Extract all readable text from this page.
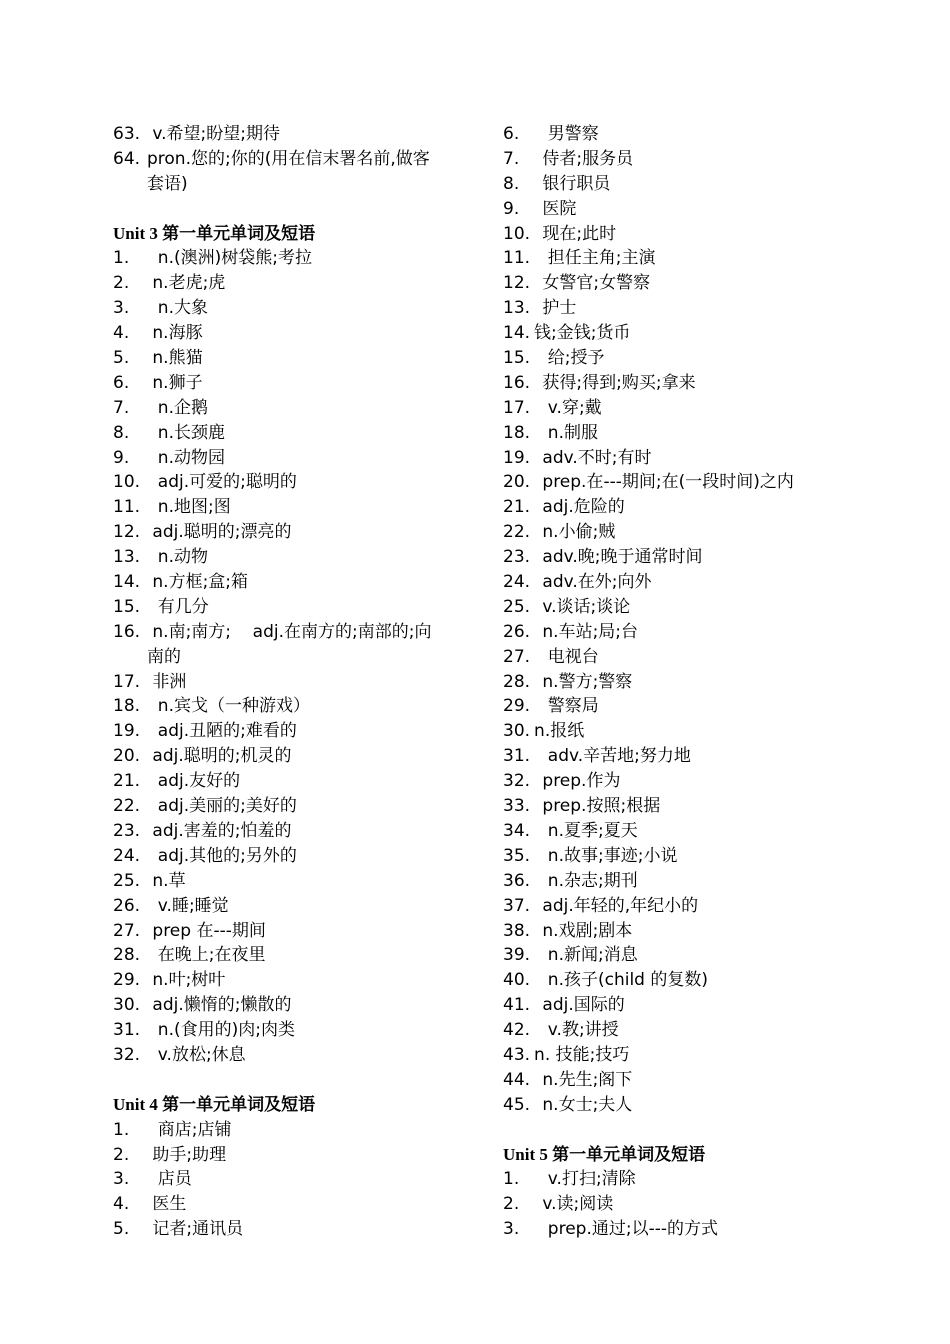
63. v.希望;盼望;期待
64. pron.您的;你的(用在信末署名前,做客
套语)
Unit 3 第一单元单词及短语
1.  n.(澳洲)树袋熊;考拉
2. n.老虎;虎
3.  n.大象
4. n.海豚
5. n.熊猫
6. n.狮子
7.  n.企鹅
8.  n.长颈鹿
9.  n.动物园
10.  adj.可爱的;聪明的
11.  n.地图;图
12. adj.聪明的;漂亮的
13.  n.动物
14. n.方框;盒;箱
15.  有几分
16. n.南;南方;    adj.在南方的;南部的;向
南的
17. 非洲
18.  n.宾戈（一种游戏）
19.  adj.丑陋的;难看的
20. adj.聪明的;机灵的
21.  adj.友好的
22.  adj.美丽的;美好的
23. adj.害羞的;怕羞的
24.  adj.其他的;另外的
25. n.草
26.  v.睡;睡觉
27. prep 在---期间
28.  在晚上;在夜里
29. n.叶;树叶
30. adj.懒惰的;懒散的
31.  n.(食用的)肉;肉类
32.  v.放松;休息
Unit 4 第一单元单词及短语
1.  商店;店铺
2. 助手;助理
3.  店员
4. 医生
5. 记者;通讯员
6.  男警察
7. 侍者;服务员
8. 银行职员
9. 医院
10. 现在;此时
11.  担任主角;主演
12. 女警官;女警察
13. 护士
14. 钱;金钱;货币
15.  给;授予
16. 获得;得到;购买;拿来
17.  v.穿;戴
18.  n.制服
19. adv.不时;有时
20. prep.在---期间;在(一段时间)之内
21. adj.危险的
22. n.小偷;贼
23. adv.晚;晚于通常时间
24. adv.在外;向外
25. v.谈话;谈论
26. n.车站;局;台
27.  电视台
28. n.警方;警察
29.  警察局
30. n.报纸
31.  adv.辛苦地;努力地
32. prep.作为
33. prep.按照;根据
34.  n.夏季;夏天
35.  n.故事;事迹;小说
36.  n.杂志;期刊
37. adj.年轻的,年纪小的
38. n.戏剧;剧本
39.  n.新闻;消息
40.  n.孩子(child 的复数)
41. adj.国际的
42.  v.教;讲授
43. n. 技能;技巧
44. n.先生;阁下
45. n.女士;夫人
Unit 5 第一单元单词及短语
1.  v.打扫;清除
2. v.读;阅读
3.  prep.通过;以---的方式
